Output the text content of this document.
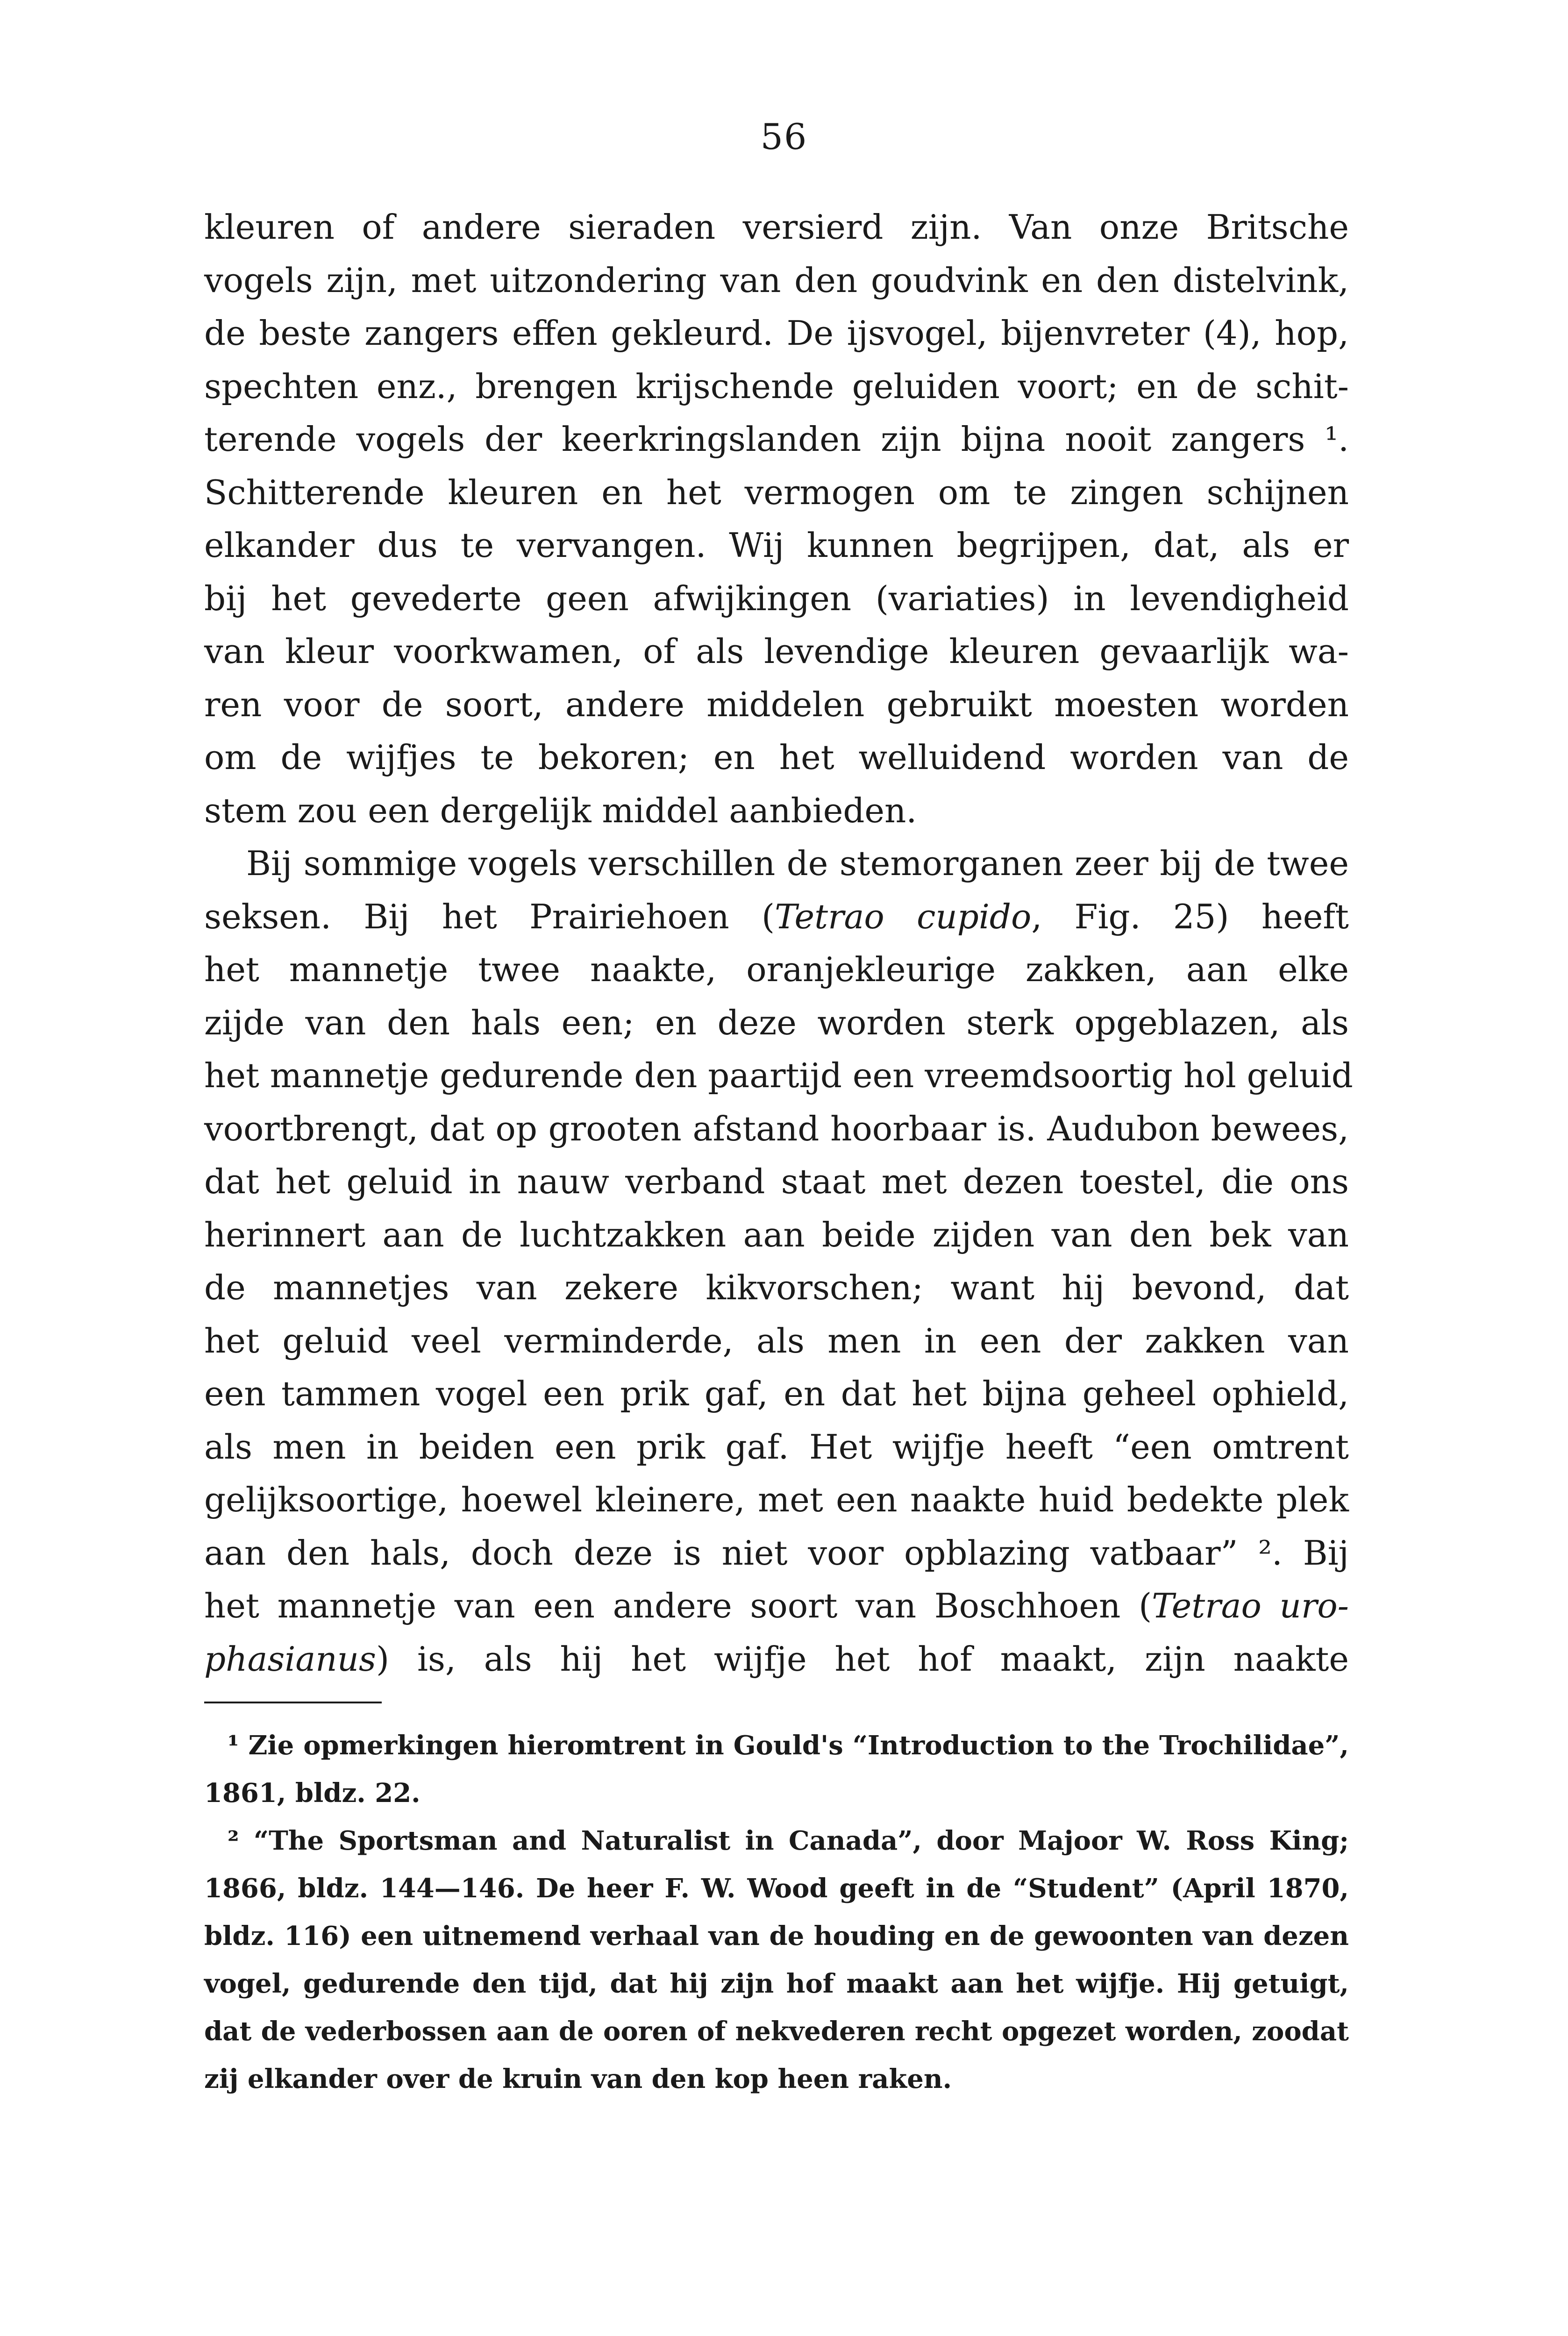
56

kleuren of andere sieraden versierd zijn. Van onze Britsche
vogels zijn, met uitzondering van den goudvink en den distelvink,
de beste zangers effen gekleurd. De ijsvogel, bijenvreter (4), hop,
spechten enz., brengen krijschende geluiden voort; en de schit-
terende vogels der keerkringslanden zijn bijna nooit zangers ¹.
Schitterende kleuren en het vermogen om te zingen schijnen
elkander dus te vervangen. Wij kunnen begrijpen, dat, als er
bij het gevederte geen afwijkingen (variaties) in levendigheid
van kleur voorkwamen, of als levendige kleuren gevaarlijk wa-
ren voor de soort, andere middelen gebruikt moesten worden
om de wijfjes te bekoren; en het welluidend worden van de
stem zou een dergelijk middel aanbieden.

Bij sommige vogels verschillen de stemorganen zeer bij de twee
seksen. Bij het Prairiehoen (Tetrao cupido, Fig. 25) heeft
het mannetje twee naakte, oranjekleurige zakken, aan elke
zijde van den hals een; en deze worden sterk opgeblazen, als
het mannetje gedurende den paartijd een vreemdsoortig hol geluid
voortbrengt, dat op grooten afstand hoorbaar is. Audubon bewees,
dat het geluid in nauw verband staat met dezen toestel, die ons
herinnert aan de luchtzakken aan beide zijden van den bek van
de mannetjes van zekere kikvorschen; want hij bevond, dat
het geluid veel verminderde, als men in een der zakken van
een tammen vogel een prik gaf, en dat het bijna geheel ophield,
als men in beiden een prik gaf. Het wijfje heeft “een omtrent
gelijksoortige, hoewel kleinere, met een naakte huid bedekte plek
aan den hals, doch deze is niet voor opblazing vatbaar” ². Bij
het mannetje van een andere soort van Boschhoen (Tetrao uro-
phasianus) is, als hij het wijfje het hof maakt, zijn naakte

¹ Zie opmerkingen hieromtrent in Gould's “Introduction to the Trochilidae”,
1861, bldz. 22.
² “The Sportsman and Naturalist in Canada”, door Majoor W. Ross King;
1866, bldz. 144—146. De heer F. W. Wood geeft in de “Student” (April 1870,
bldz. 116) een uitnemend verhaal van de houding en de gewoonten van dezen
vogel, gedurende den tijd, dat hij zijn hof maakt aan het wijfje. Hij getuigt,
dat de vederbossen aan de ooren of nekvederen recht opgezet worden, zoodat
zij elkander over de kruin van den kop heen raken.
